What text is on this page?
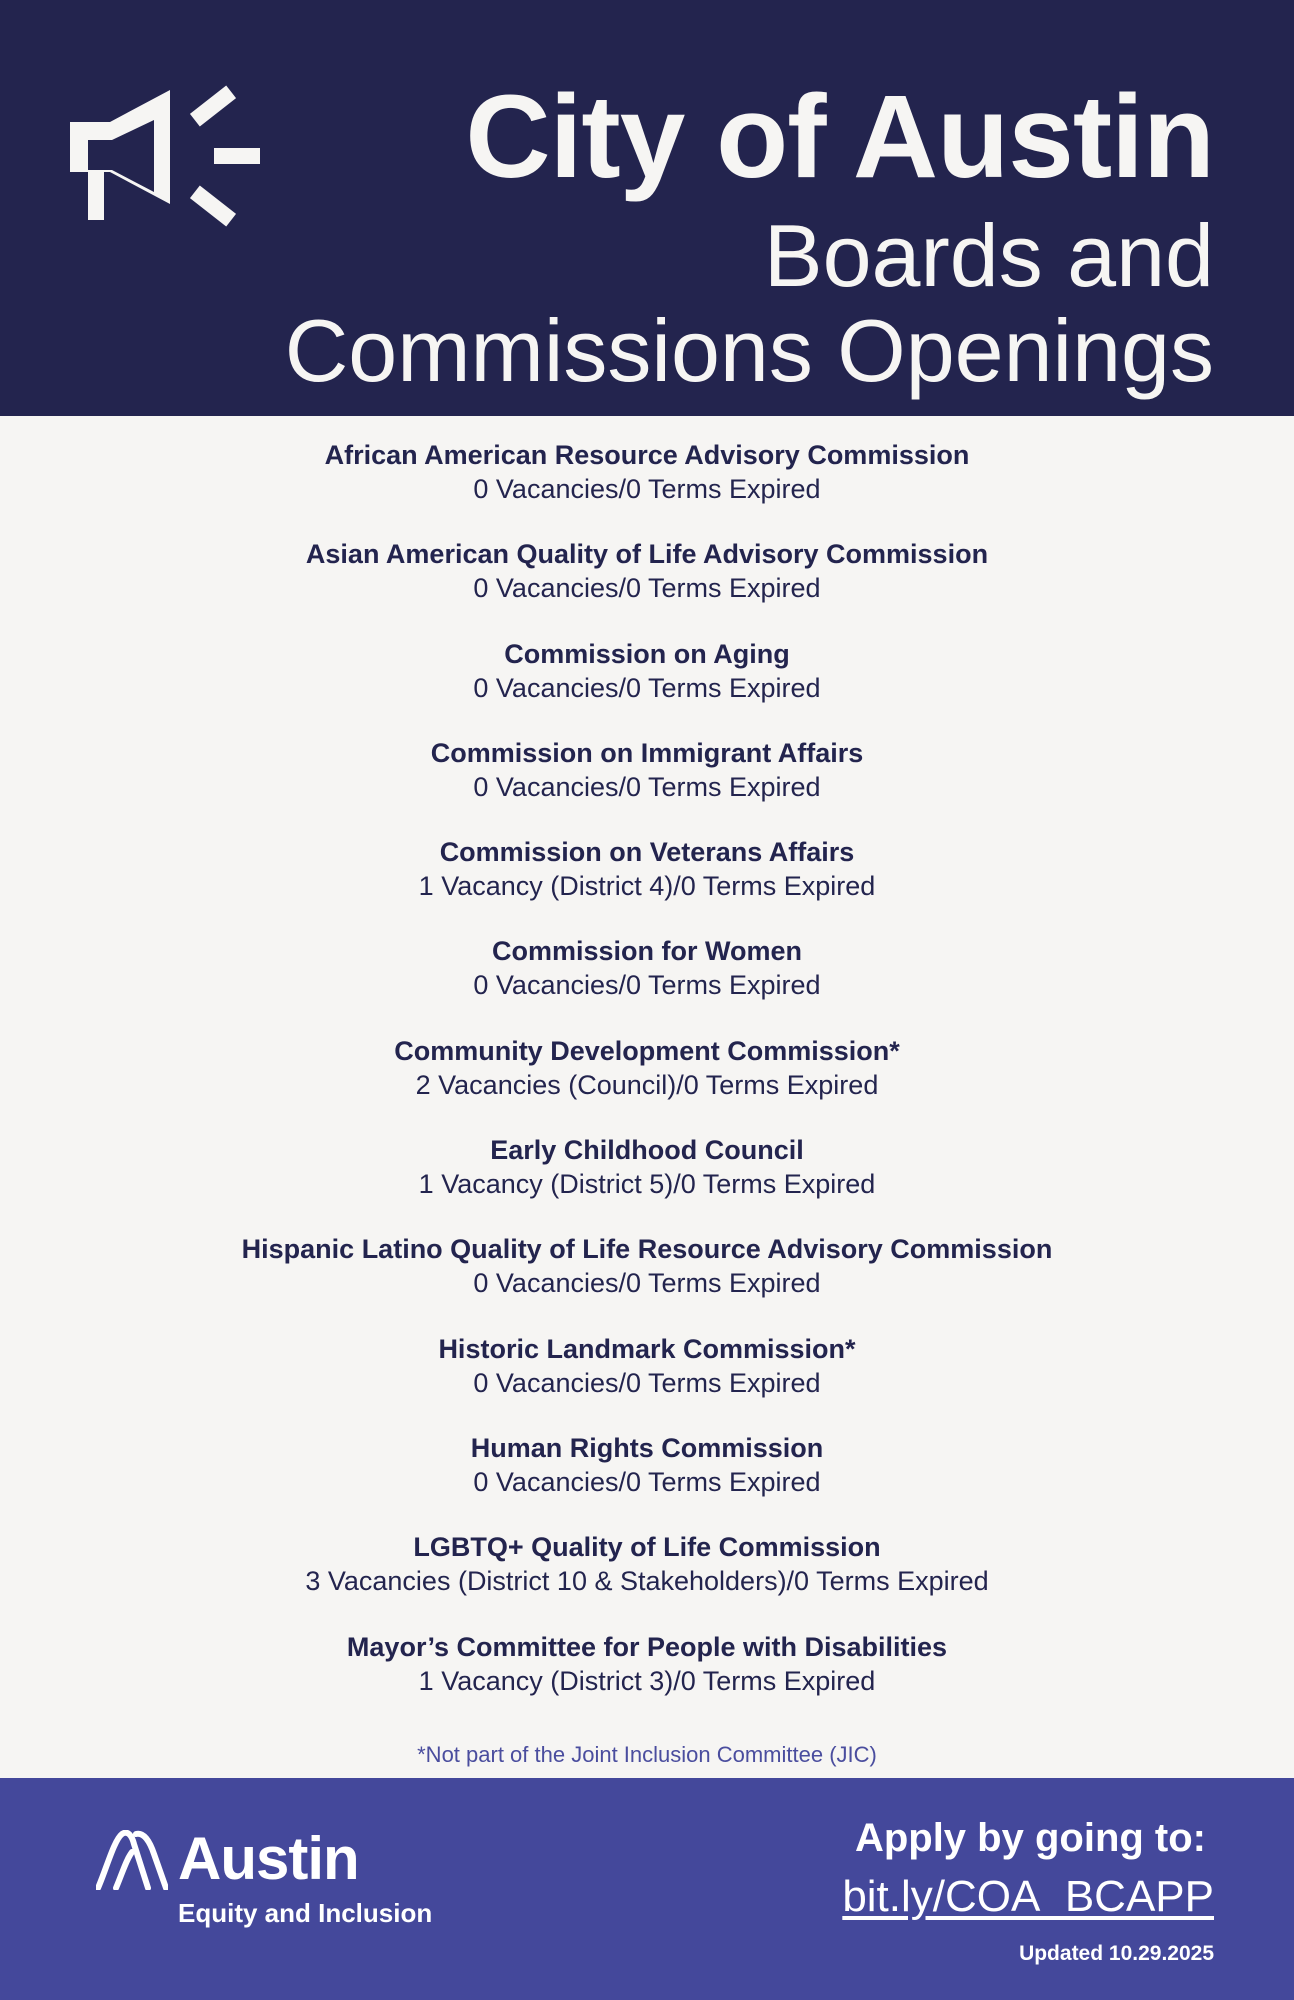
City of Austin
Boards and
Commissions Openings
African American Resource Advisory Commission
0 Vacancies/0 Terms Expired
Asian American Quality of Life Advisory Commission
0 Vacancies/0 Terms Expired
Commission on Aging
0 Vacancies/0 Terms Expired
Commission on Immigrant Affairs
0 Vacancies/0 Terms Expired
Commission on Veterans Affairs
1 Vacancy (District 4)/0 Terms Expired
Commission for Women
0 Vacancies/0 Terms Expired
Community Development Commission*
2 Vacancies (Council)/0 Terms Expired
Early Childhood Council
1 Vacancy (District 5)/0 Terms Expired
Hispanic Latino Quality of Life Resource Advisory Commission
0 Vacancies/0 Terms Expired
Historic Landmark Commission*
0 Vacancies/0 Terms Expired
Human Rights Commission
0 Vacancies/0 Terms Expired
LGBTQ+ Quality of Life Commission
3 Vacancies (District 10 & Stakeholders)/0 Terms Expired
Mayor’s Committee for People with Disabilities
1 Vacancy (District 3)/0 Terms Expired

*Not part of the Joint Inclusion Committee (JIC)

Austin
Equity and Inclusion
Apply by going to:
bit.ly/COA_BCAPP
Updated 10.29.2025
